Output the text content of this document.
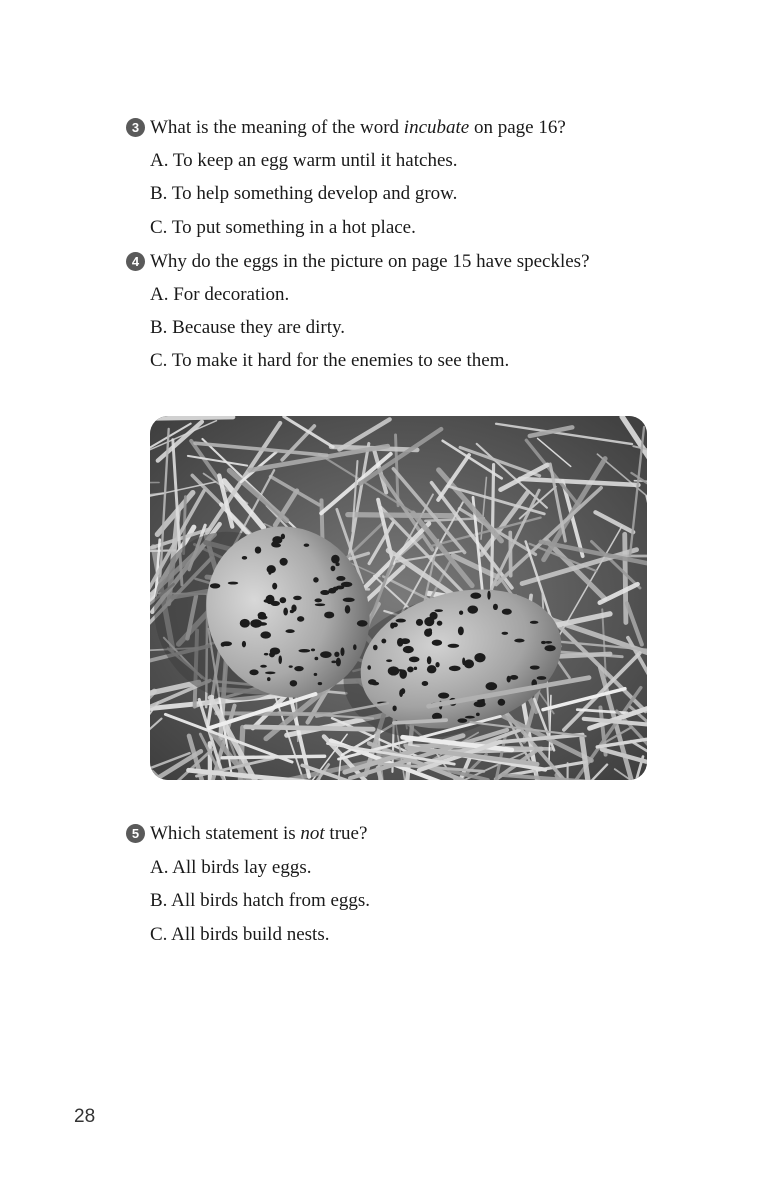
3 What is the meaning of the word incubate on page 16?
A. To keep an egg warm until it hatches.
B. To help something develop and grow.
C. To put something in a hot place.
4 Why do the eggs in the picture on page 15 have speckles?
A. For decoration.
B. Because they are dirty.
C. To make it hard for the enemies to see them.
5 Which statement is not true?
A. All birds lay eggs.
B. All birds hatch from eggs.
C. All birds build nests.
28
